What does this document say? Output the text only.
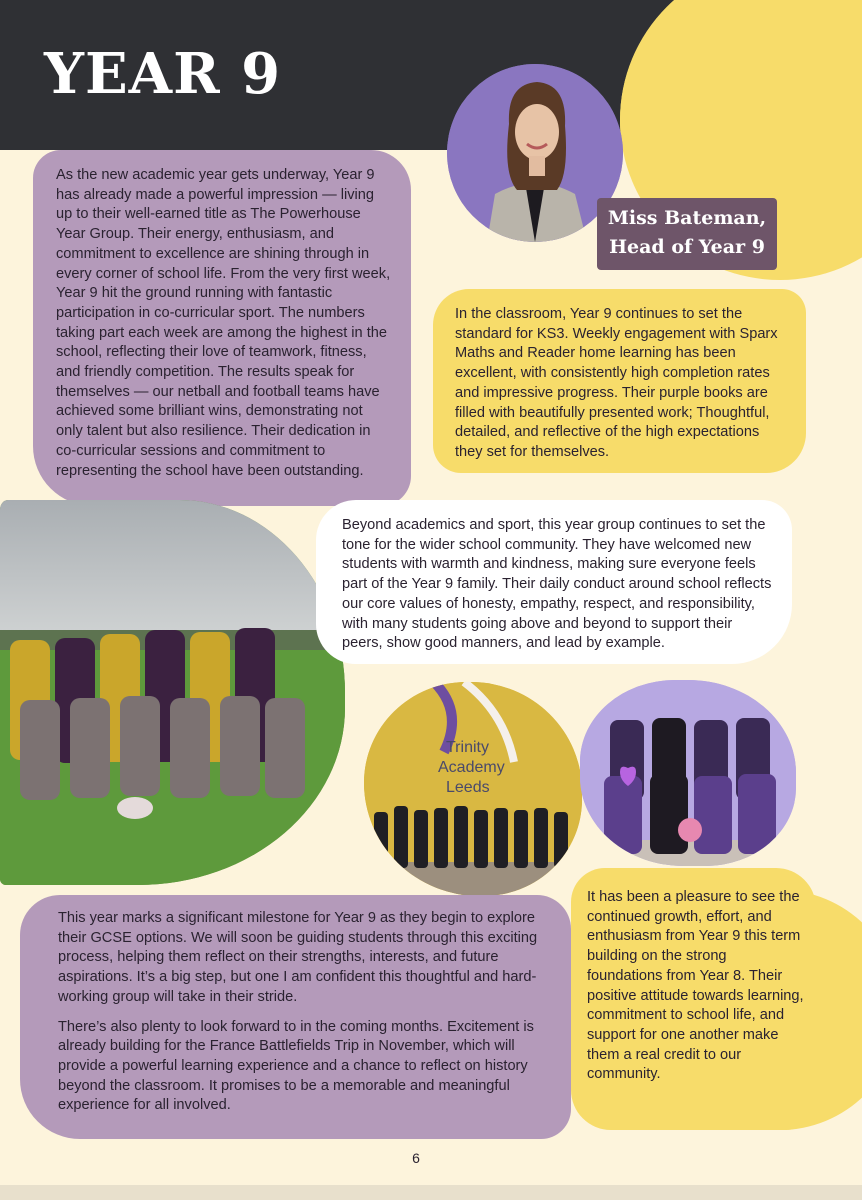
YEAR 9
Miss Bateman,
Head of Year 9

As the new academic year gets underway, Year 9 has already made a powerful impression — living up to their well-earned title as The Powerhouse Year Group. Their energy, enthusiasm, and commitment to excellence are shining through in every corner of school life. From the very first week, Year 9 hit the ground running with fantastic participation in co-curricular sport. The numbers taking part each week are among the highest in the school, reflecting their love of teamwork, fitness, and friendly competition. The results speak for themselves — our netball and football teams have achieved some brilliant wins, demonstrating not only talent but also resilience. Their dedication in co-curricular sessions and commitment to representing the school have been outstanding.

In the classroom, Year 9 continues to set the standard for KS3. Weekly engagement with Sparx Maths and Reader home learning has been excellent, with consistently high completion rates and impressive progress. Their purple books are filled with beautifully presented work; Thoughtful, detailed, and reflective of the high expectations they set for themselves.

Beyond academics and sport, this year group continues to set the tone for the wider school community. They have welcomed new students with warmth and kindness, making sure everyone feels part of the Year 9 family. Their daily conduct around school reflects our core values of honesty, empathy, respect, and responsibility, with many students going above and beyond to support their peers, show good manners, and lead by example.

Trinity
Academy
Leeds

This year marks a significant milestone for Year 9 as they begin to explore their GCSE options. We will soon be guiding students through this exciting process, helping them reflect on their strengths, interests, and future aspirations. It’s a big step, but one I am confident this thoughtful and hard-working group will take in their stride.

There’s also plenty to look forward to in the coming months. Excitement is already building for the France Battlefields Trip in November, which will provide a powerful learning experience and a chance to reflect on history beyond the classroom. It promises to be a memorable and meaningful experience for all involved.

It has been a pleasure to see the continued growth, effort, and enthusiasm from Year 9 this term building on the strong foundations from Year 8. Their positive attitude towards learning, commitment to school life, and support for one another make them a real credit to our community.

6
